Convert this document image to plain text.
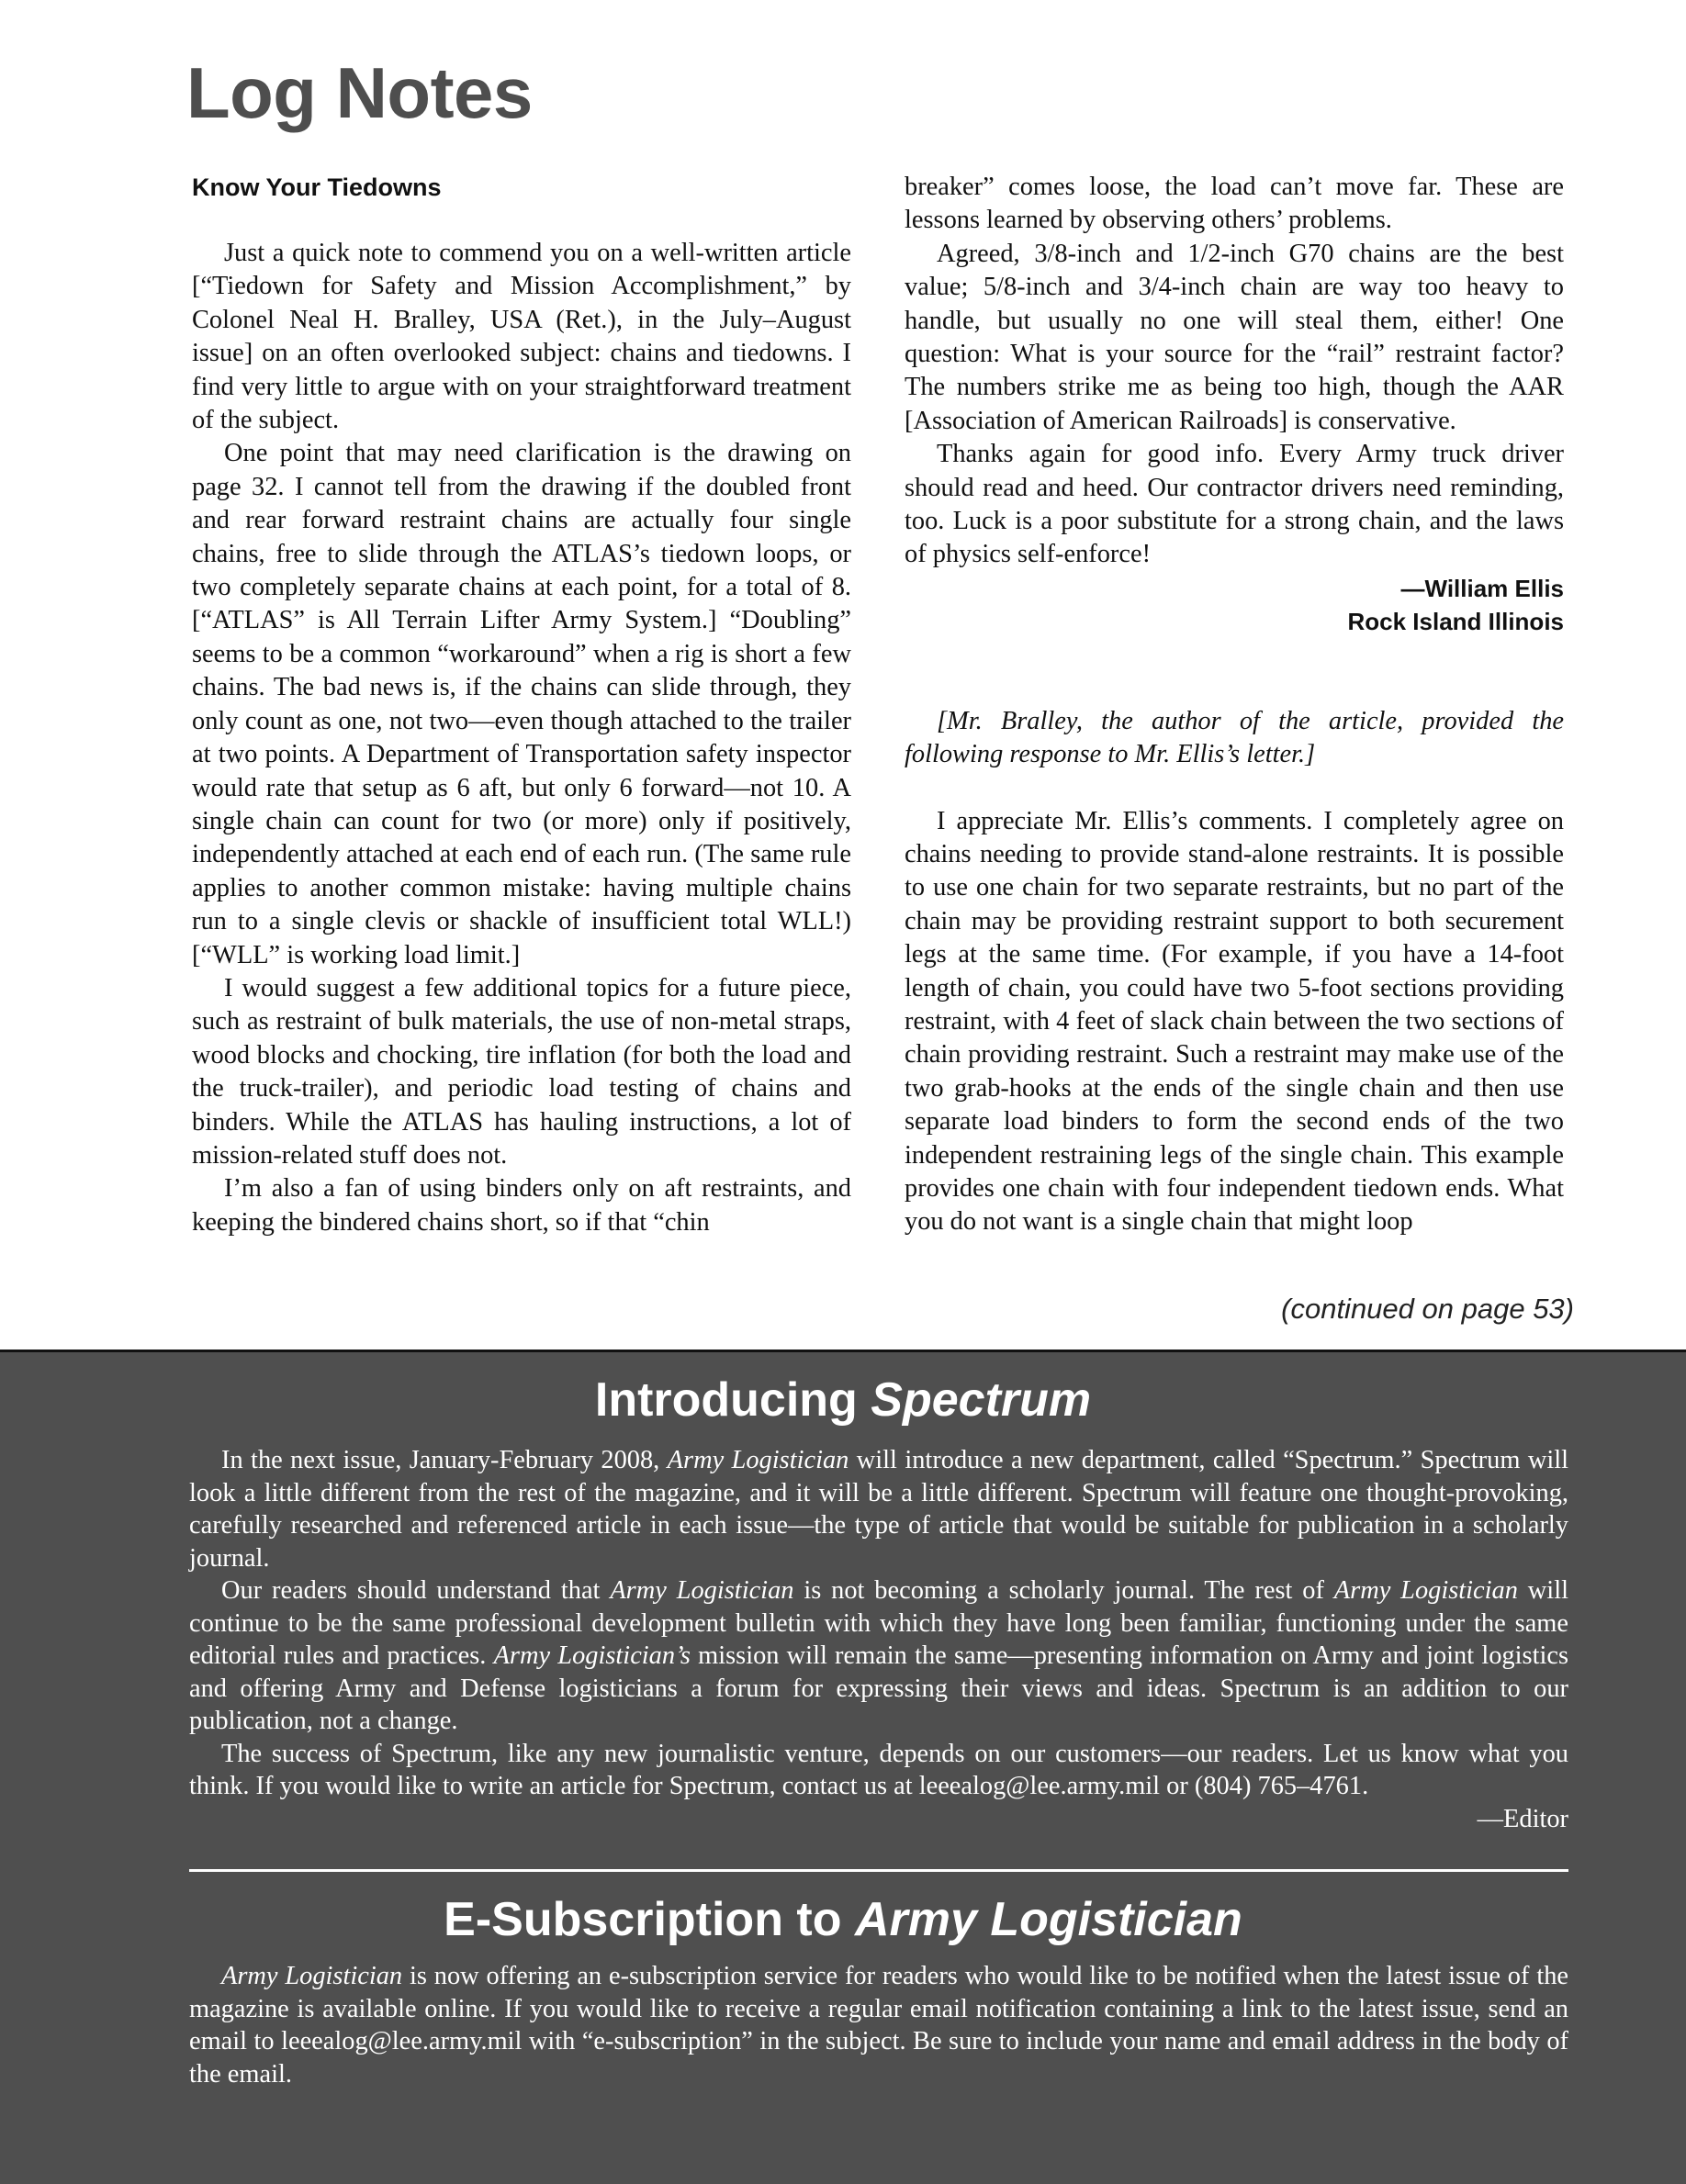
Log Notes
Know Your Tiedowns

Just a quick note to commend you on a well-written article [“Tiedown for Safety and Mission Accomplishment,” by Colonel Neal H. Bralley, USA (Ret.), in the July–August issue] on an often overlooked subject: chains and tiedowns. I find very little to argue with on your straightforward treatment of the subject.

One point that may need clarification is the drawing on page 32. I cannot tell from the drawing if the doubled front and rear forward restraint chains are actually four single chains, free to slide through the ATLAS’s tiedown loops, or two completely separate chains at each point, for a total of 8. [“ATLAS” is All Terrain Lifter Army System.] “Doubling” seems to be a common “workaround” when a rig is short a few chains. The bad news is, if the chains can slide through, they only count as one, not two—even though attached to the trailer at two points. A Department of Transportation safety inspector would rate that setup as 6 aft, but only 6 forward—not 10. A single chain can count for two (or more) only if positively, independently attached at each end of each run. (The same rule applies to another common mistake: having multiple chains run to a single clevis or shackle of insufficient total WLL!) [“WLL” is working load limit.]

I would suggest a few additional topics for a future piece, such as restraint of bulk materials, the use of non-metal straps, wood blocks and chocking, tire inflation (for both the load and the truck-trailer), and periodic load testing of chains and binders. While the ATLAS has hauling instructions, a lot of mission-related stuff does not.

I’m also a fan of using binders only on aft restraints, and keeping the bindered chains short, so if that “chin

breaker” comes loose, the load can’t move far. These are lessons learned by observing others’ problems.

Agreed, 3/8-inch and 1/2-inch G70 chains are the best value; 5/8-inch and 3/4-inch chain are way too heavy to handle, but usually no one will steal them, either! One question: What is your source for the “rail” restraint factor? The numbers strike me as being too high, though the AAR [Association of American Railroads] is conservative.

Thanks again for good info. Every Army truck driver should read and heed. Our contractor drivers need reminding, too. Luck is a poor substitute for a strong chain, and the laws of physics self-enforce!

—William Ellis
Rock Island Illinois

[Mr. Bralley, the author of the article, provided the following response to Mr. Ellis’s letter.]

I appreciate Mr. Ellis’s comments. I completely agree on chains needing to provide stand-alone restraints. It is possible to use one chain for two separate restraints, but no part of the chain may be providing restraint support to both securement legs at the same time. (For example, if you have a 14-foot length of chain, you could have two 5-foot sections providing restraint, with 4 feet of slack chain between the two sections of chain providing restraint. Such a restraint may make use of the two grab-hooks at the ends of the single chain and then use separate load binders to form the second ends of the two independent restraining legs of the single chain. This example provides one chain with four independent tiedown ends. What you do not want is a single chain that might loop

(continued on page 53)
Introducing Spectrum

In the next issue, January-February 2008, Army Logistician will introduce a new department, called “Spectrum.” Spectrum will look a little different from the rest of the magazine, and it will be a little different. Spectrum will feature one thought-provoking, carefully researched and referenced article in each issue—the type of article that would be suitable for publication in a scholarly journal.

Our readers should understand that Army Logistician is not becoming a scholarly journal. The rest of Army Logistician will continue to be the same professional development bulletin with which they have long been familiar, functioning under the same editorial rules and practices. Army Logistician’s mission will remain the same—presenting information on Army and joint logistics and offering Army and Defense logisticians a forum for expressing their views and ideas. Spectrum is an addition to our publication, not a change.

The success of Spectrum, like any new journalistic venture, depends on our customers—our readers. Let us know what you think. If you would like to write an article for Spectrum, contact us at leeealog@lee.army.mil or (804) 765–4761.

—Editor

E-Subscription to Army Logistician

Army Logistician is now offering an e-subscription service for readers who would like to be notified when the latest issue of the magazine is available online. If you would like to receive a regular email notification containing a link to the latest issue, send an email to leeealog@lee.army.mil with “e-subscription” in the subject. Be sure to include your name and email address in the body of the email.
